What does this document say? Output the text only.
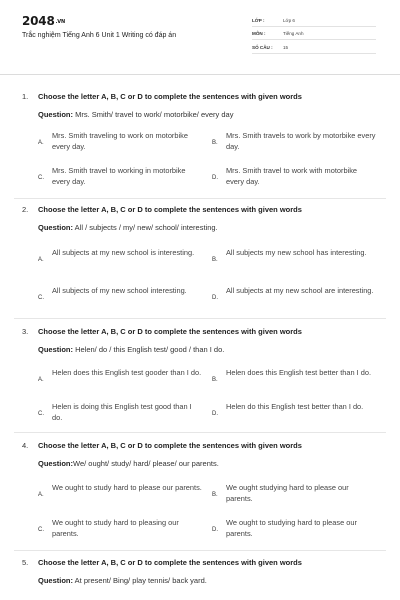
2048.VN
Trắc nghiệm Tiếng Anh 6 Unit 1 Writing có đáp án
LỚP :	Lớp 6
MÔN :	Tiếng Anh
SỐ CÂU : 15
1. Choose the letter A, B, C or D to complete the sentences with given words
Question: Mrs. Smith/ travel to work/ motorbike/ every day
A.
Mrs. Smith traveling to work on motorbike every day.	B.
Mrs. Smith travels to work by motorbike every day.
C.
Mrs. Smith travel to working in motorbike every day.	D.
Mrs. Smith travel to work with motorbike every day.
2. Choose the letter A, B, C or D to complete the sentences with given words
Question: All / subjects / my/ new/ school/ interesting.
A.
All subjects at my new school is interesting.
B.
All subjects my new school has interesting.
C.
All subjects of my new school interesting.
D.
All subjects at my new school are interesting.
3. Choose the letter A, B, C or D to complete the sentences with given words
Question: Helen/ do / this English test/ good / than I do.
A.
Helen does this English test gooder than I do.
B.
Helen does this English test better than I do.
C.
Helen is doing this English test good than I do.	D.
Helen do this English test better than I do.
4. Choose the letter A, B, C or D to complete the sentences with given words
Question:We/ ought/ study/ hard/ please/ our parents.
A.
We ought to study hard to please our parents.
B.
We ought studying hard to please our parents.
C.
We ought to study hard to pleasing our parents.	D.
We ought to studying hard to please our parents.
5. Choose the letter A, B, C or D to complete the sentences with given words
Question: At present/ Bing/ play tennis/ back yard.
